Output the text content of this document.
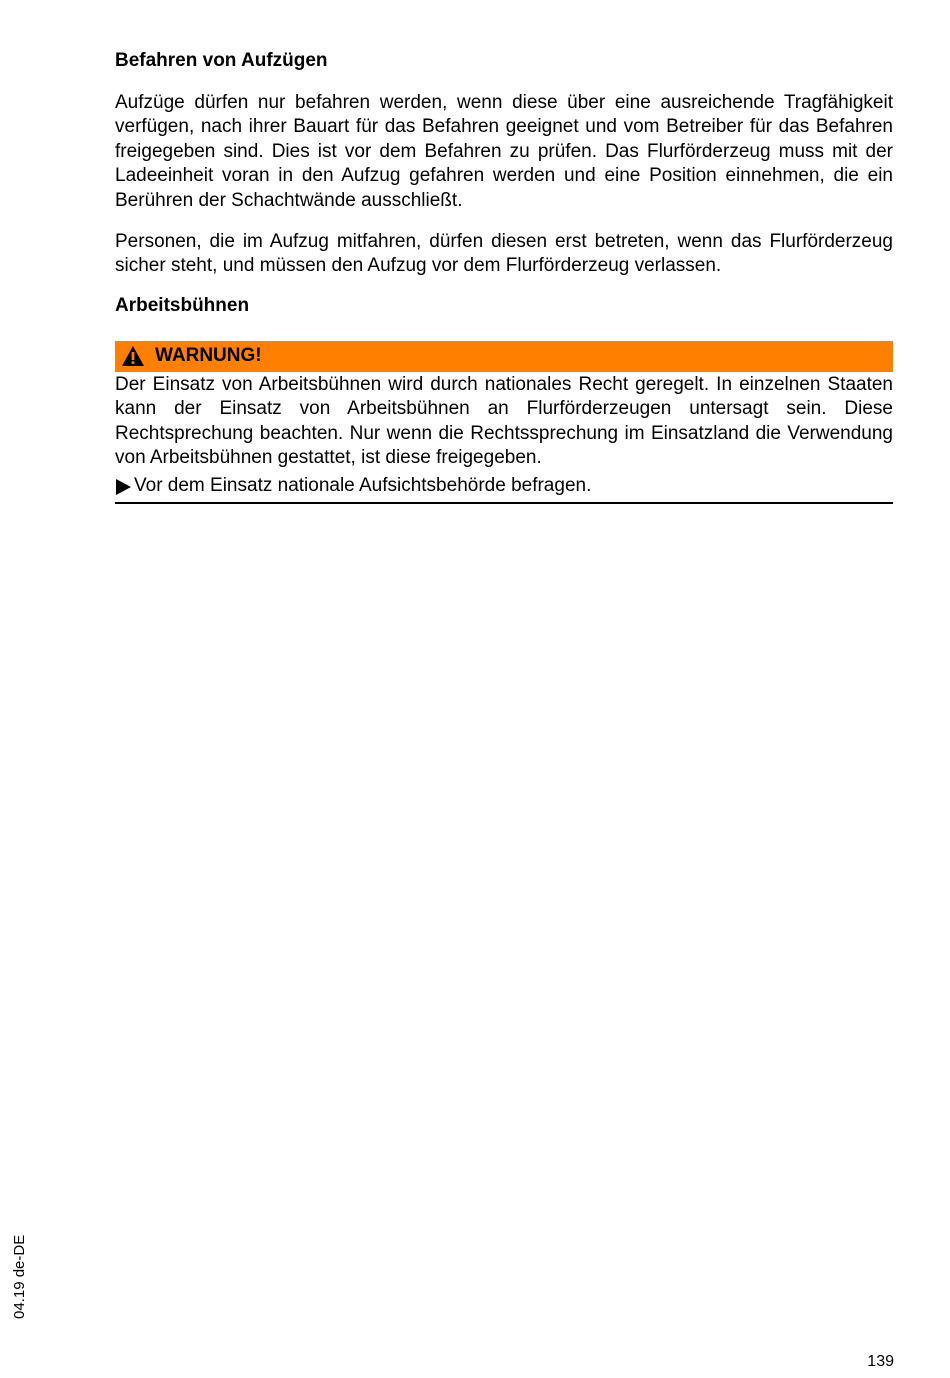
Befahren von Aufzügen

Aufzüge dürfen nur befahren werden, wenn diese über eine ausreichende Tragfähigkeit verfügen, nach ihrer Bauart für das Befahren geeignet und vom Betreiber für das Befahren freigegeben sind. Dies ist vor dem Befahren zu prüfen. Das Flurförderzeug muss mit der Ladeeinheit voran in den Aufzug gefahren werden und eine Position einnehmen, die ein Berühren der Schachtwände ausschließt.

Personen, die im Aufzug mitfahren, dürfen diesen erst betreten, wenn das Flurförderzeug sicher steht, und müssen den Aufzug vor dem Flurförderzeug verlassen.

Arbeitsbühnen
WARNUNG!

Der Einsatz von Arbeitsbühnen wird durch nationales Recht geregelt. In einzelnen Staaten kann der Einsatz von Arbeitsbühnen an Flurförderzeugen untersagt sein. Diese Rechtsprechung beachten. Nur wenn die Rechtssprechung im Einsatzland die Verwendung von Arbeitsbühnen gestattet, ist diese freigegeben.

Vor dem Einsatz nationale Aufsichtsbehörde befragen.
04.19 de-DE
139
